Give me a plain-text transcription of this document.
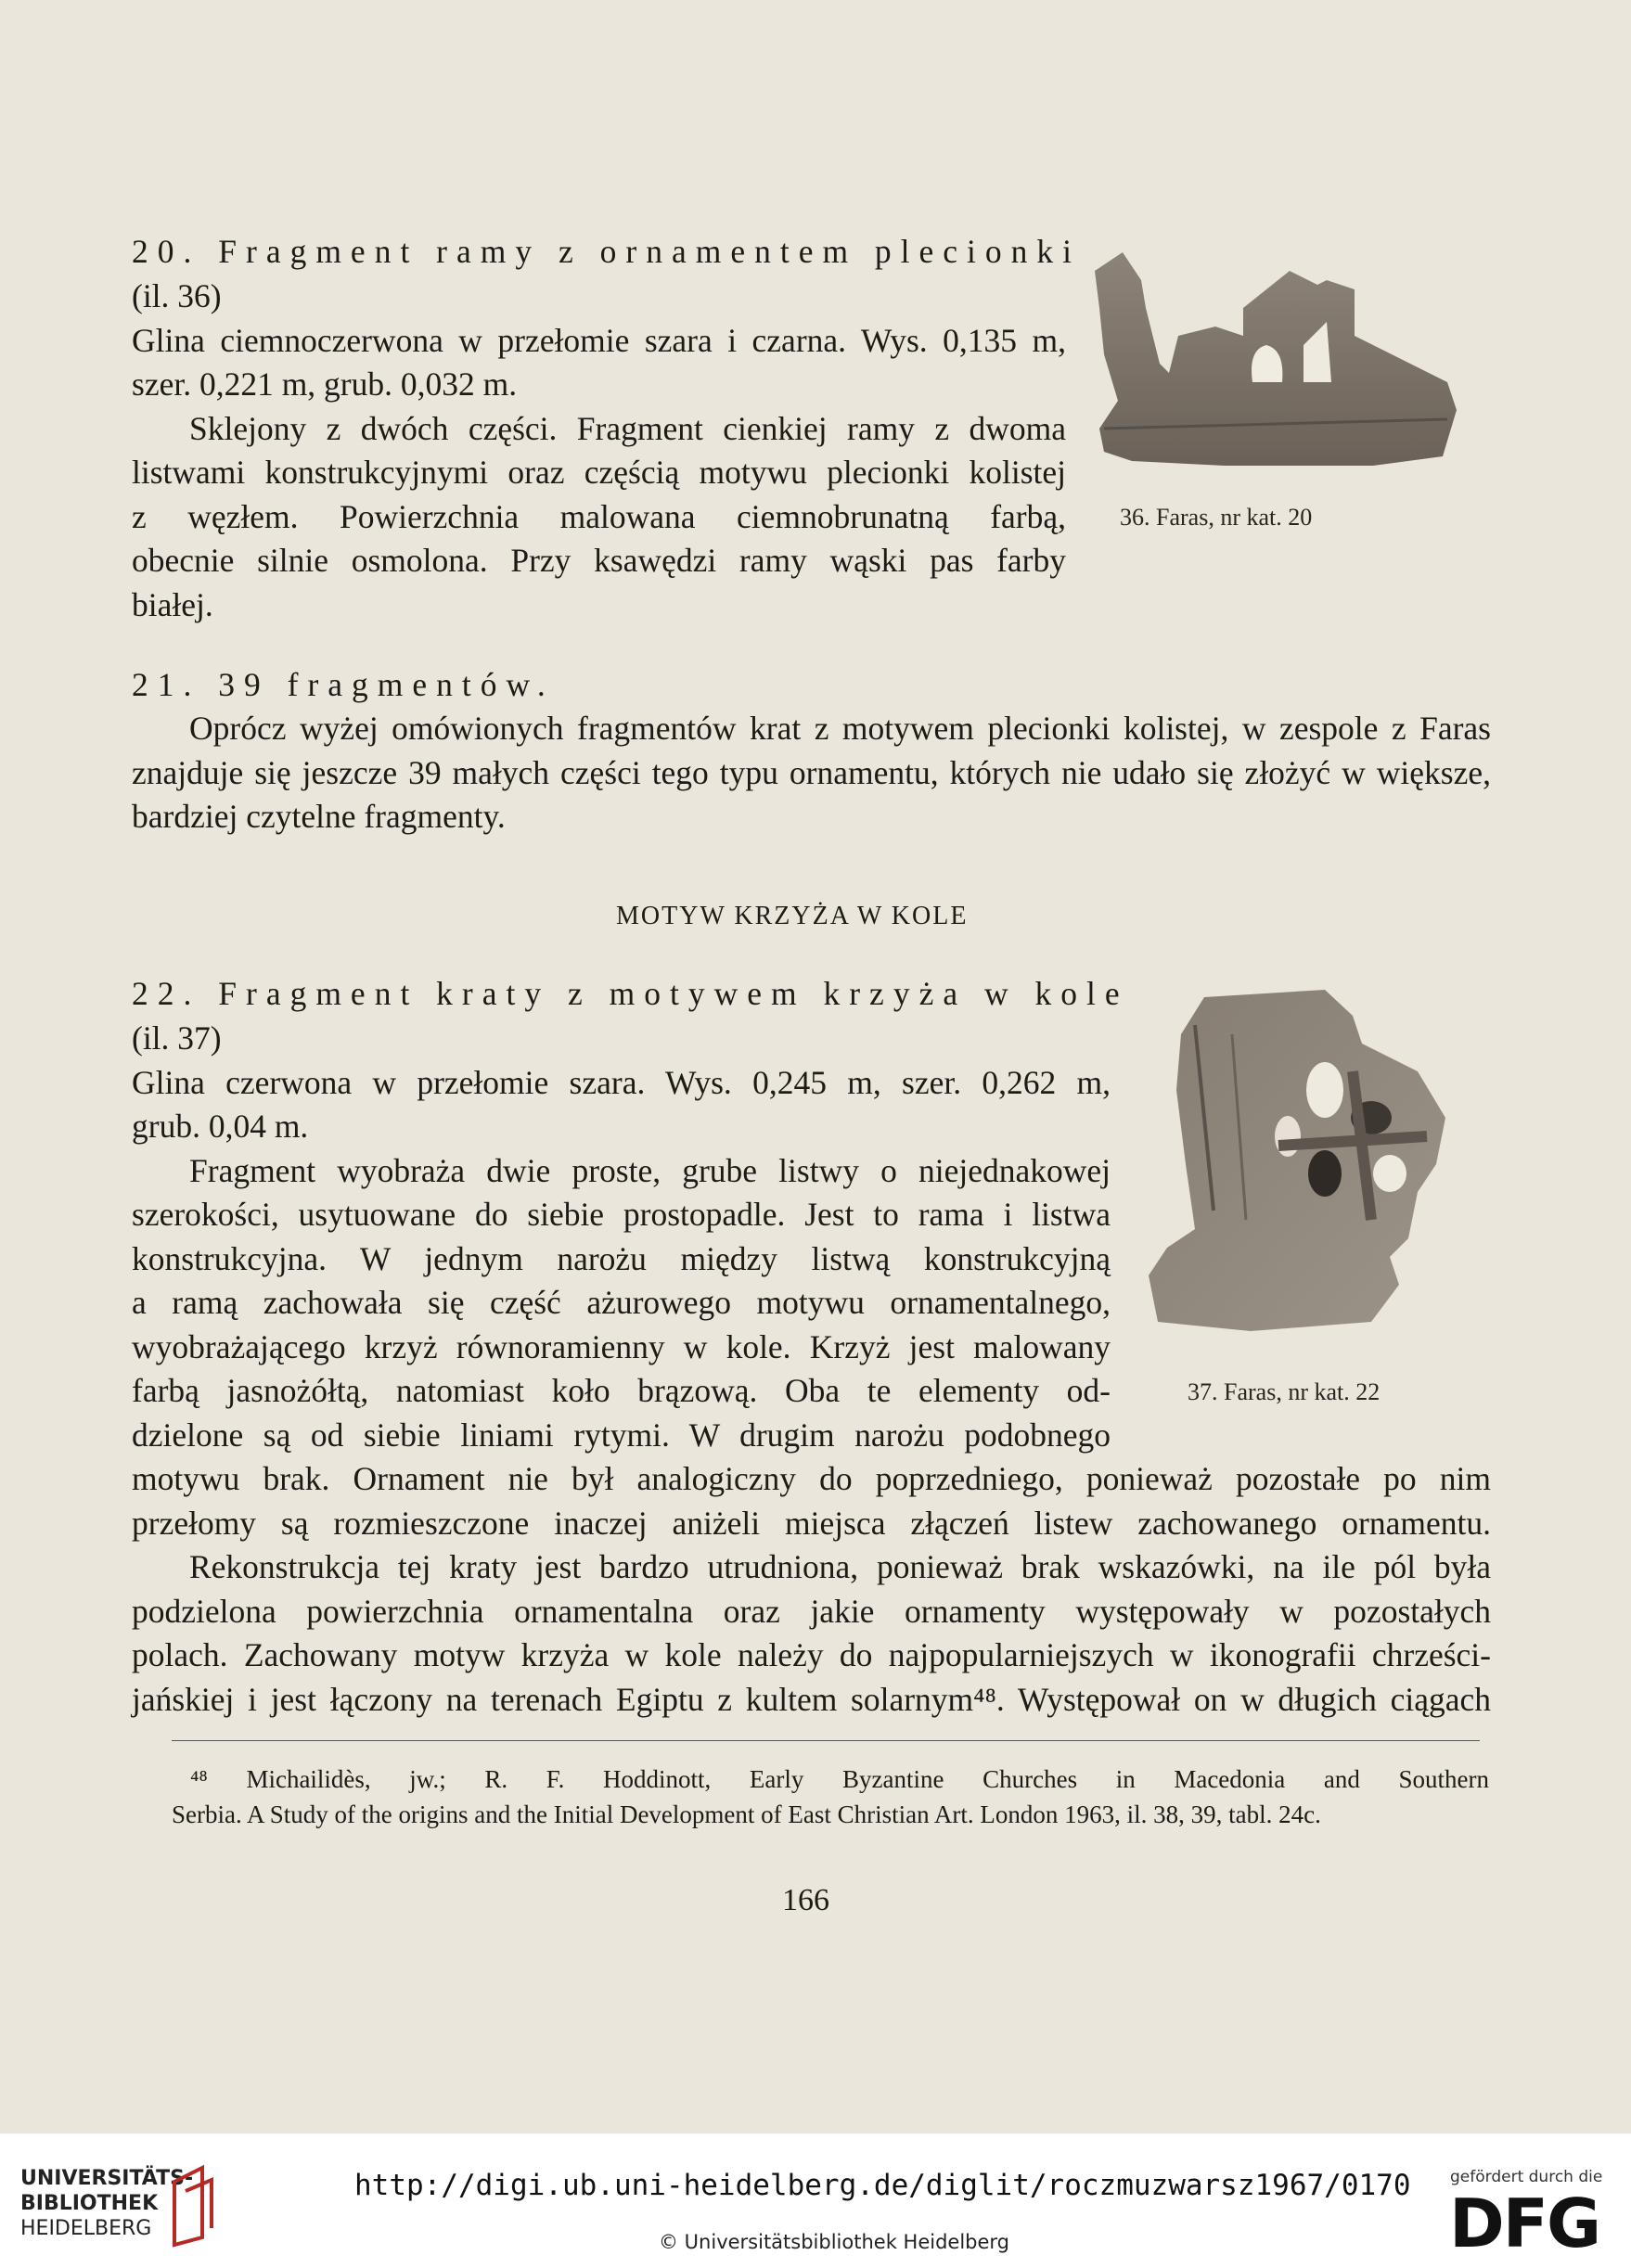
20. Fragment ramy z ornamentem plecionki
(il. 36)
Glina ciemnoczerwona w przełomie szara i czarna. Wys. 0,135 m,
szer. 0,221 m, grub. 0,032 m.
Sklejony z dwóch części. Fragment cienkiej ramy z dwoma
listwami konstrukcyjnymi oraz częścią motywu plecionki kolistej
z węzłem. Powierzchnia malowana ciemnobrunatną farbą,
obecnie silnie osmolona. Przy ksawędzi ramy wąski pas farby
białej.
36. Faras, nr kat. 20
21. 39 fragmentów.
Oprócz wyżej omówionych fragmentów krat z motywem plecionki kolistej, w zespole z Faras
znajduje się jeszcze 39 małych części tego typu ornamentu, których nie udało się złożyć w większe,
bardziej czytelne fragmenty.
MOTYW KRZYŻA W KOLE
22. Fragment kraty z motywem krzyża w kole
(il. 37)
Glina czerwona w przełomie szara. Wys. 0,245 m, szer. 0,262 m,
grub. 0,04 m.
Fragment wyobraża dwie proste, grube listwy o niejednakowej
szerokości, usytuowane do siebie prostopadle. Jest to rama i listwa
konstrukcyjna. W jednym narożu między listwą konstrukcyjną
a ramą zachowała się część ażurowego motywu ornamentalnego,
wyobrażającego krzyż równoramienny w kole. Krzyż jest malowany
farbą jasnożółtą, natomiast koło brązową. Oba te elementy od-
dzielone są od siebie liniami rytymi. W drugim narożu podobnego
motywu brak. Ornament nie był analogiczny do poprzedniego, ponieważ pozostałe po nim
przełomy są rozmieszczone inaczej aniżeli miejsca złączeń listew zachowanego ornamentu.
Rekonstrukcja tej kraty jest bardzo utrudniona, ponieważ brak wskazówki, na ile pól była
podzielona powierzchnia ornamentalna oraz jakie ornamenty występowały w pozostałych
polach. Zachowany motyw krzyża w kole należy do najpopularniejszych w ikonografii chrześci-
jańskiej i jest łączony na terenach Egiptu z kultem solarnym⁴⁸. Występował on w długich ciągach
37. Faras, nr kat. 22
⁴⁸ Michailidès, jw.; R. F. Hoddinott, Early Byzantine Churches in Macedonia and Southern
Serbia. A Study of the origins and the Initial Development of East Christian Art. London 1963, il. 38, 39, tabl. 24c.
166
UNIVERSITÄTS-
BIBLIOTHEK
HEIDELBERG
http://digi.ub.uni-heidelberg.de/diglit/roczmuzwarsz1967/0170
© Universitätsbibliothek Heidelberg
gefördert durch die
DFG
